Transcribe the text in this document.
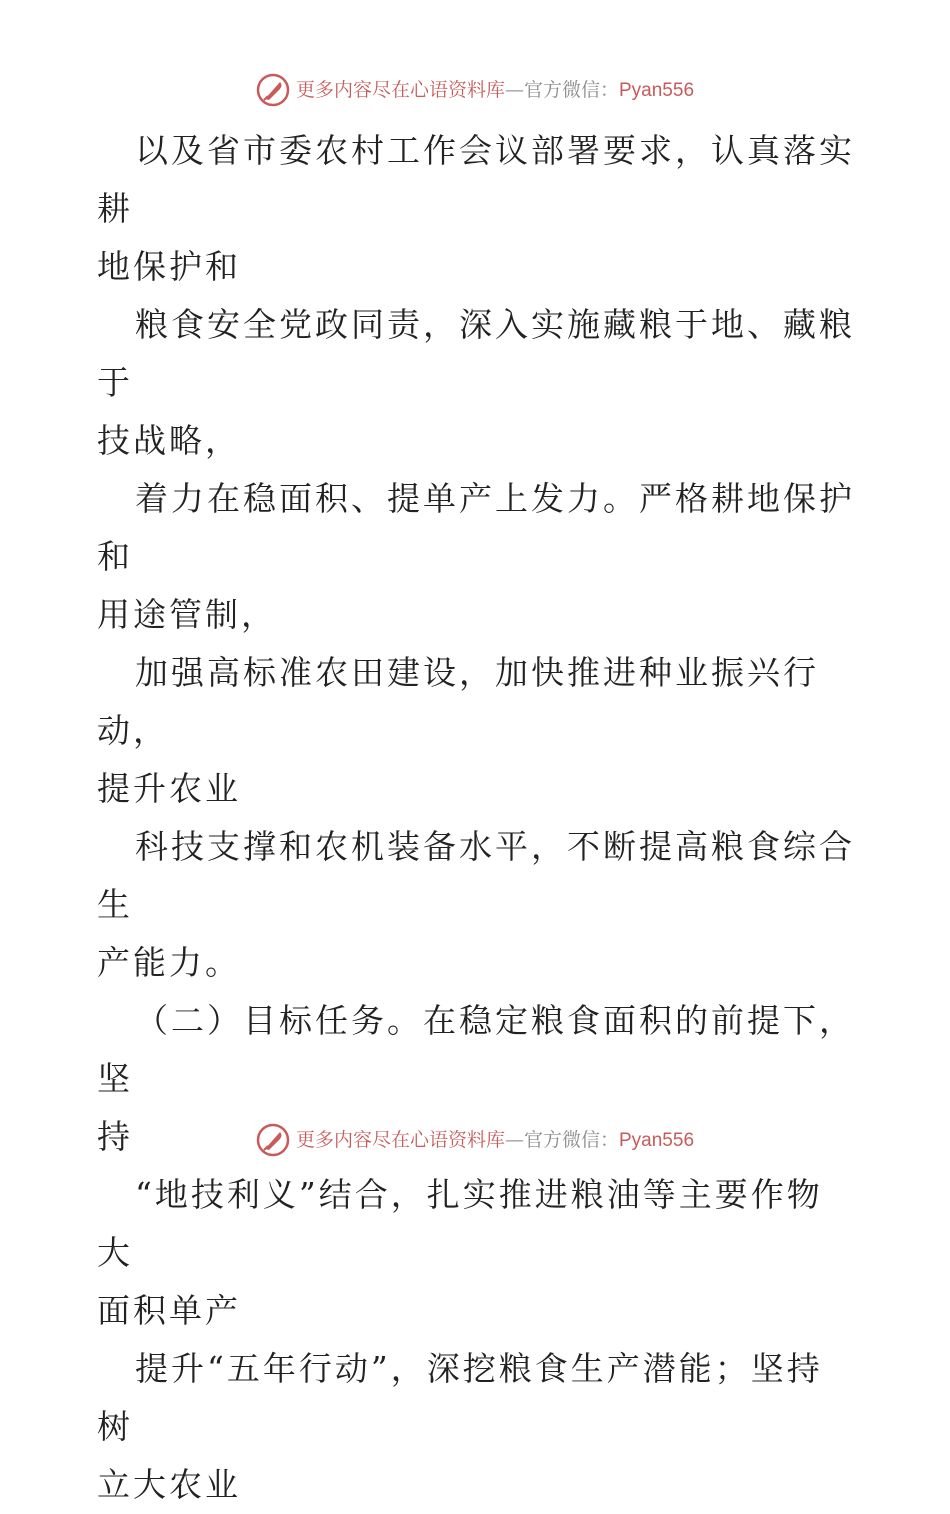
更多内容尽在心语资料库—官方微信：Pyan556

以及省市委农村工作会议部署要求，认真落实耕
地保护和

粮食安全党政同责，深入实施藏粮于地、藏粮于
技战略，

着力在稳面积、提单产上发力。严格耕地保护和
用途管制，

加强高标准农田建设，加快推进种业振兴行动，
提升农业

科技支撑和农机装备水平，不断提高粮食综合生
产能力。

（二）目标任务。在稳定粮食面积的前提下，坚
持

“地技利义”结合，扎实推进粮油等主要作物大
面积单产

提升“五年行动”，深挖粮食生产潜能；坚持树
立大农业

更多内容尽在心语资料库—官方微信：Pyan556
